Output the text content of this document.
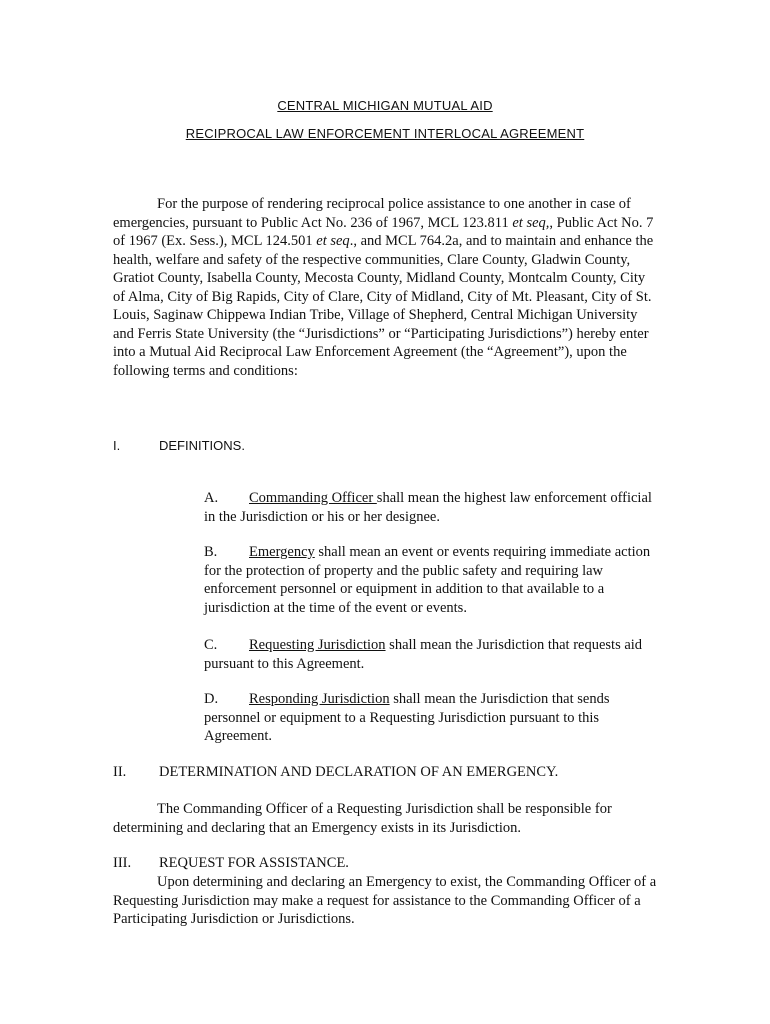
CENTRAL MICHIGAN MUTUAL AID
RECIPROCAL LAW ENFORCEMENT INTERLOCAL AGREEMENT

For the purpose of rendering reciprocal police assistance to one another in case of emergencies, pursuant to Public Act No. 236 of 1967, MCL 123.811 et seq,, Public Act No. 7 of 1967 (Ex. Sess.), MCL 124.501 et seq., and MCL 764.2a, and to maintain and enhance the health, welfare and safety of the respective communities, Clare County, Gladwin County, Gratiot County, Isabella County, Mecosta County, Midland County, Montcalm County, City of Alma, City of Big Rapids, City of Clare, City of Midland, City of Mt. Pleasant, City of St. Louis, Saginaw Chippewa Indian Tribe, Village of Shepherd, Central Michigan University and Ferris State University (the “Jurisdictions” or “Participating Jurisdictions”) hereby enter into a Mutual Aid Reciprocal Law Enforcement Agreement (the “Agreement”), upon the following terms and conditions:

I.	DEFINITIONS.

A. Commanding Officer shall mean the highest law enforcement official in the Jurisdiction or his or her designee.

B. Emergency shall mean an event or events requiring immediate action for the protection of property and the public safety and requiring law enforcement personnel or equipment in addition to that available to a jurisdiction at the time of the event or events.

C. Requesting Jurisdiction shall mean the Jurisdiction that requests aid pursuant to this Agreement.

D. Responding Jurisdiction shall mean the Jurisdiction that sends personnel or equipment to a Requesting Jurisdiction pursuant to this Agreement.

II. DETERMINATION AND DECLARATION OF AN EMERGENCY.

The Commanding Officer of a Requesting Jurisdiction shall be responsible for determining and declaring that an Emergency exists in its Jurisdiction.

III. REQUEST FOR ASSISTANCE.

Upon determining and declaring an Emergency to exist, the Commanding Officer of a Requesting Jurisdiction may make a request for assistance to the Commanding Officer of a Participating Jurisdiction or Jurisdictions.
